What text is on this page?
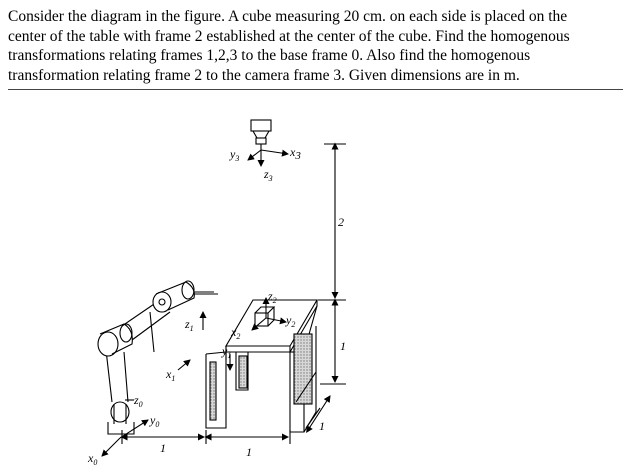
Consider the diagram in the figure. A cube measuring 20 cm. on each side is placed on the
center of the table with frame 2 established at the center of the cube. Find the homogenous
transformations relating frames 1,2,3 to the base frame 0. Also find the homogenous
transformation relating frame 2 to the camera frame 3. Given dimensions are in m.
x3
$y_3$
$z_3$
$z_2$
$y_2$
$x_2$
$z_1$
$y_1$
$x_1$
$z_0$
$y_0$
$x_0$
2
1
1
1	1
